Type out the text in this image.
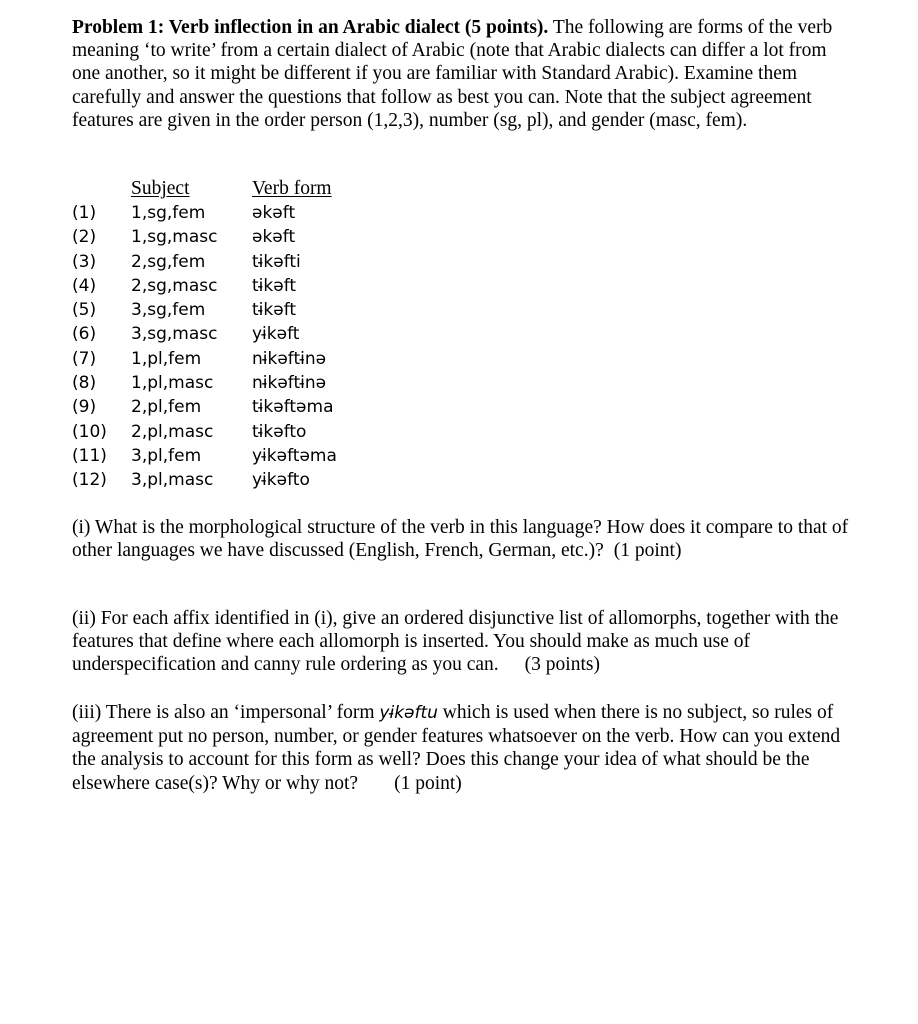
Problem 1: Verb inflection in an Arabic dialect (5 points). The following are forms of the verb meaning ‘to write’ from a certain dialect of Arabic (note that Arabic dialects can differ a lot from one another, so it might be different if you are familiar with Standard Arabic). Examine them carefully and answer the questions that follow as best you can. Note that the subject agreement features are given in the order person (1,2,3), number (sg, pl), and gender (masc, fem).

Subject	Verb form
(1) 1,sg,fem	əkəft
(2) 1,sg,masc əkəft
(3) 2,sg,fem	ti̵kəfti
(4) 2,sg,masc ti̵kəft
(5) 3,sg,fem	ti̵kəft
(6) 3,sg,masc yi̵kəft
(7) 1,pl,fem	ni̵kəfti̵nə
(8) 1,pl,masc ni̵kəfti̵nə
(9) 2,pl,fem	ti̵kəftəma
(10) 2,pl,masc ti̵kəfto
(11) 3,pl,fem	yi̵kəftəma
(12) 3,pl,masc yi̵kəfto

(i) What is the morphological structure of the verb in this language? How does it compare to that of other languages we have discussed (English, French, German, etc.)? (1 point)

(ii) For each affix identified in (i), give an ordered disjunctive list of allomorphs, together with the features that define where each allomorph is inserted. You should make as much use of underspecification and canny rule ordering as you can. (3 points)

(iii) There is also an ‘impersonal’ form yi̵kəftu which is used when there is no subject, so rules of agreement put no person, number, or gender features whatsoever on the verb. How can you extend the analysis to account for this form as well? Does this change your idea of what should be the elsewhere case(s)? Why or why not? (1 point)
